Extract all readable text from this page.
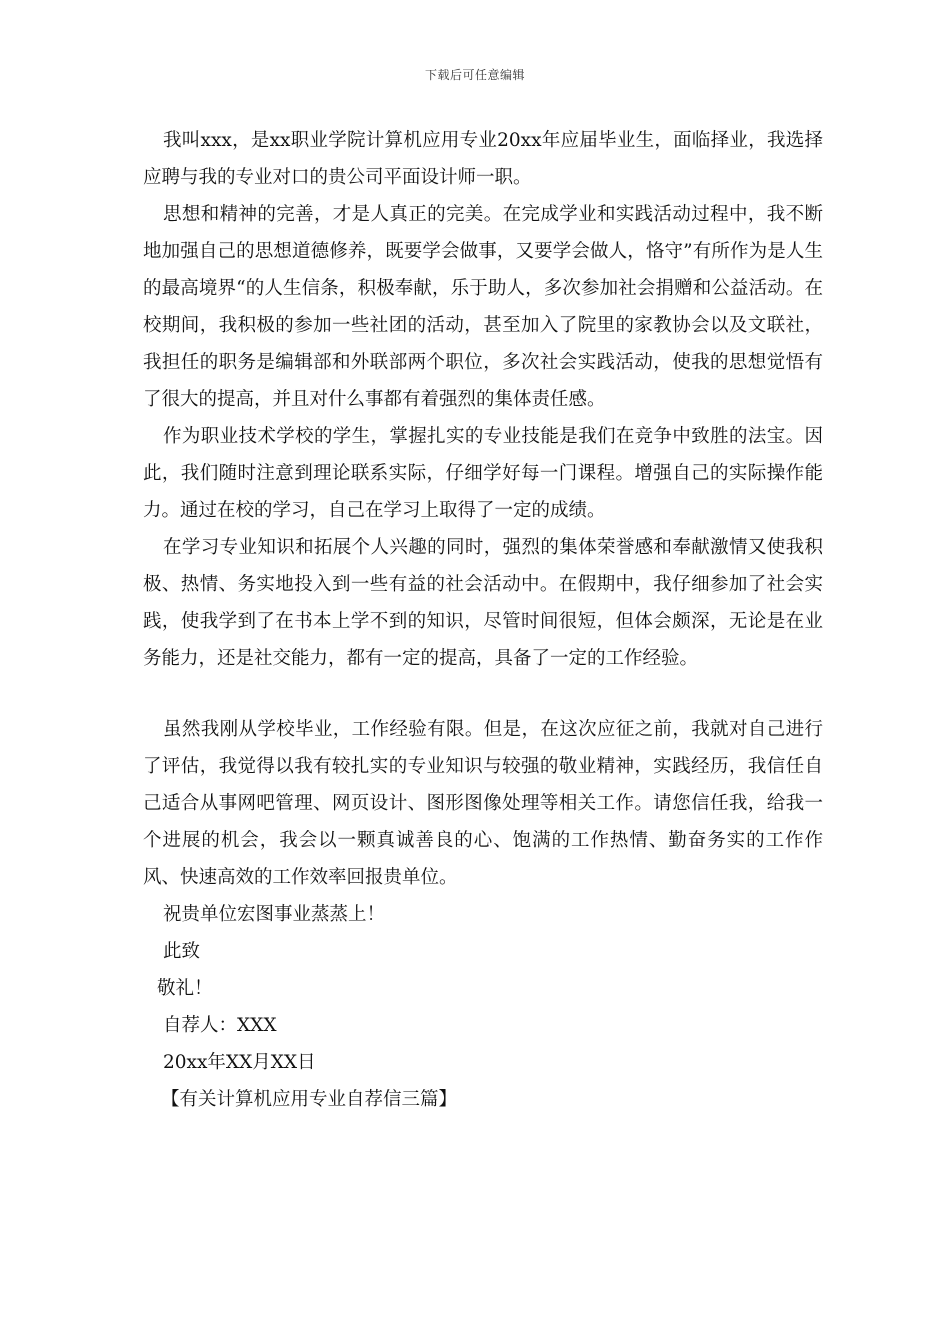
下载后可任意编辑

我叫xxx，是xx职业学院计算机应用专业20xx年应届毕业生，面临择业，我选择应聘与我的专业对口的贵公司平面设计师一职。

思想和精神的完善，才是人真正的完美。在完成学业和实践活动过程中，我不断地加强自己的思想道德修养，既要学会做事，又要学会做人，恪守”有所作为是人生的最高境界“的人生信条，积极奉献，乐于助人，多次参加社会捐赠和公益活动。在校期间，我积极的参加一些社团的活动，甚至加入了院里的家教协会以及文联社，我担任的职务是编辑部和外联部两个职位，多次社会实践活动，使我的思想觉悟有了很大的提高，并且对什么事都有着强烈的集体责任感。

作为职业技术学校的学生，掌握扎实的专业技能是我们在竞争中致胜的法宝。因此，我们随时注意到理论联系实际，仔细学好每一门课程。增强自己的实际操作能力。通过在校的学习，自己在学习上取得了一定的成绩。

在学习专业知识和拓展个人兴趣的同时，强烈的集体荣誉感和奉献激情又使我积极、热情、务实地投入到一些有益的社会活动中。在假期中，我仔细参加了社会实践，使我学到了在书本上学不到的知识，尽管时间很短，但体会颇深，无论是在业务能力，还是社交能力，都有一定的提高，具备了一定的工作经验。

虽然我刚从学校毕业，工作经验有限。但是，在这次应征之前，我就对自己进行了评估，我觉得以我有较扎实的专业知识与较强的敬业精神，实践经历，我信任自己适合从事网吧管理、网页设计、图形图像处理等相关工作。请您信任我，给我一个进展的机会，我会以一颗真诚善良的心、饱满的工作热情、勤奋务实的工作作风、快速高效的工作效率回报贵单位。

祝贵单位宏图事业蒸蒸上！

此致

敬礼！

自荐人：XXX

20xx年XX月XX日

【有关计算机应用专业自荐信三篇】
